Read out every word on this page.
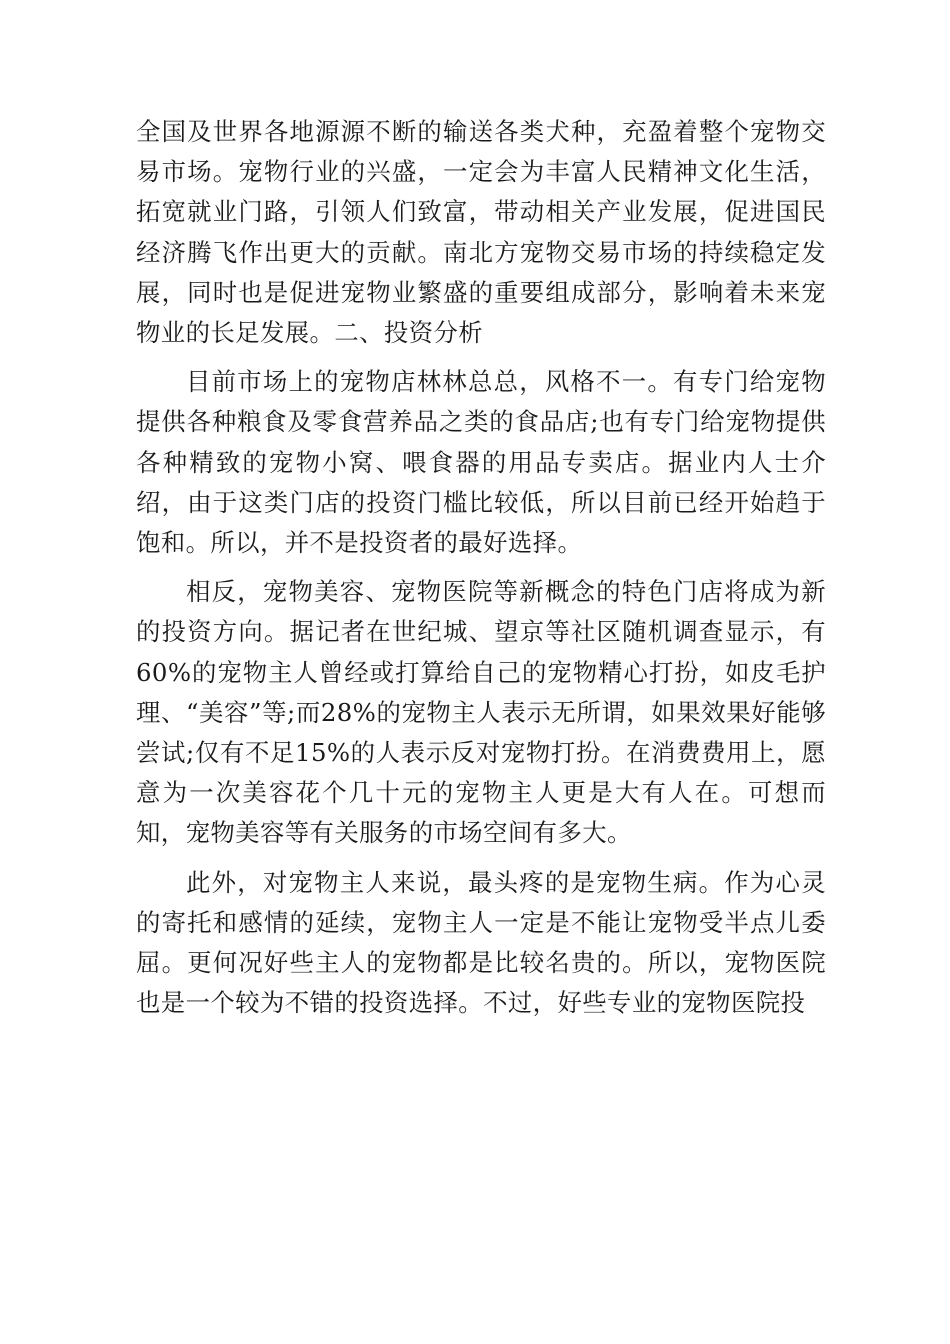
全国及世界各地源源不断的输送各类犬种，充盈着整个宠物交易市场。宠物行业的兴盛，一定会为丰富人民精神文化生活，拓宽就业门路，引领人们致富，带动相关产业发展，促进国民经济腾飞作出更大的贡献。南北方宠物交易市场的持续稳定发展，同时也是促进宠物业繁盛的重要组成部分，影响着未来宠物业的长足发展。二、投资分析

目前市场上的宠物店林林总总，风格不一。有专门给宠物提供各种粮食及零食营养品之类的食品店;也有专门给宠物提供各种精致的宠物小窝、喂食器的用品专卖店。据业内人士介绍，由于这类门店的投资门槛比较低，所以目前已经开始趋于饱和。所以，并不是投资者的最好选择。

相反，宠物美容、宠物医院等新概念的特色门店将成为新的投资方向。据记者在世纪城、望京等社区随机调查显示，有60%的宠物主人曾经或打算给自己的宠物精心打扮，如皮毛护理、“美容”等;而28%的宠物主人表示无所谓，如果效果好能够尝试;仅有不足15%的人表示反对宠物打扮。在消费费用上，愿意为一次美容花个几十元的宠物主人更是大有人在。可想而知，宠物美容等有关服务的市场空间有多大。

此外，对宠物主人来说，最头疼的是宠物生病。作为心灵的寄托和感情的延续，宠物主人一定是不能让宠物受半点儿委屈。更何况好些主人的宠物都是比较名贵的。所以，宠物医院也是一个较为不错的投资选择。不过，好些专业的宠物医院投
